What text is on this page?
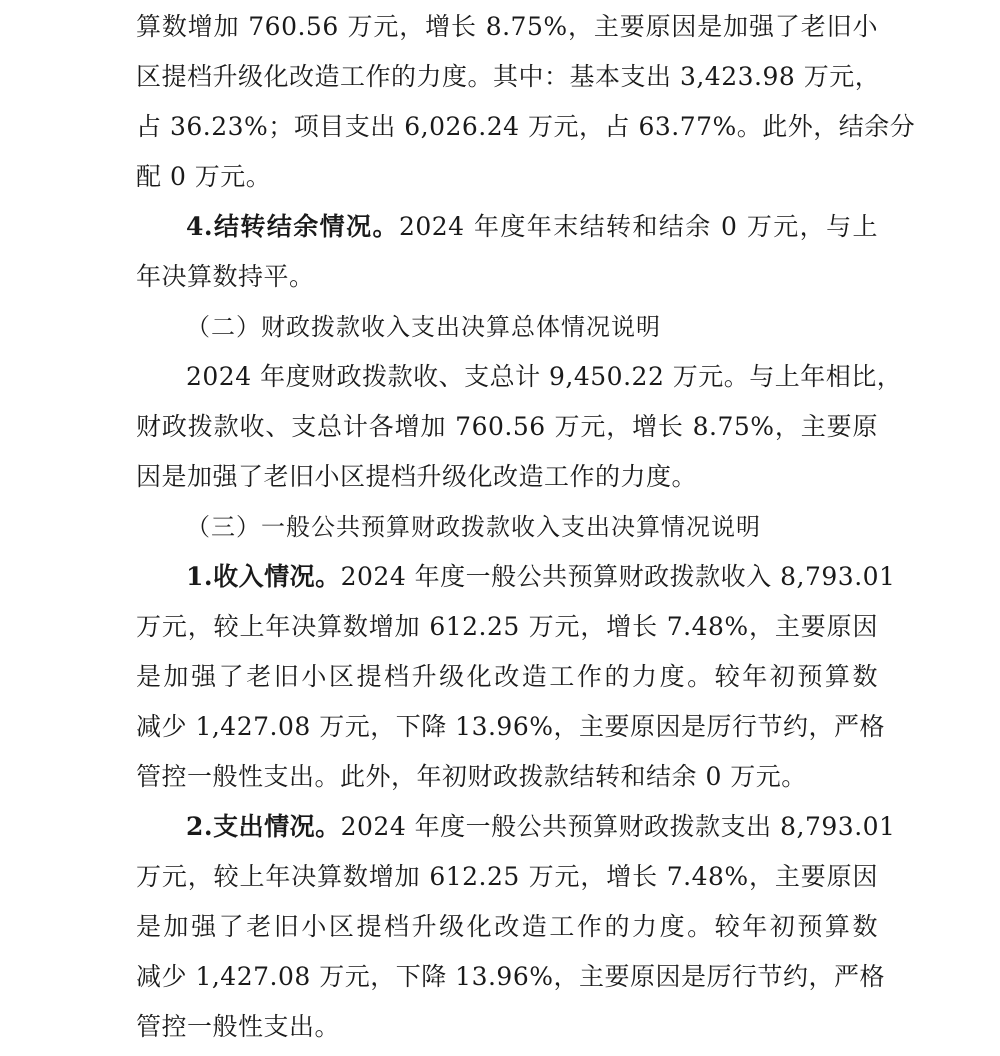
算数增加 760.56 万元，增长 8.75%，主要原因是加强了老旧小
区提档升级化改造工作的力度。其中：基本支出 3,423.98 万元，
占 36.23%；项目支出 6,026.24 万元，占 63.77%。此外，结余分
配 0 万元。
4.结转结余情况。2024 年度年末结转和结余 0 万元，与上
年决算数持平。
（二）财政拨款收入支出决算总体情况说明
2024 年度财政拨款收、支总计 9,450.22 万元。与上年相比，
财政拨款收、支总计各增加 760.56 万元，增长 8.75%，主要原
因是加强了老旧小区提档升级化改造工作的力度。
（三）一般公共预算财政拨款收入支出决算情况说明
1.收入情况。2024 年度一般公共预算财政拨款收入 8,793.01
万元，较上年决算数增加 612.25 万元，增长 7.48%，主要原因
是加强了老旧小区提档升级化改造工作的力度。较年初预算数
减少 1,427.08 万元，下降 13.96%，主要原因是厉行节约，严格
管控一般性支出。此外，年初财政拨款结转和结余 0 万元。
2.支出情况。2024 年度一般公共预算财政拨款支出 8,793.01
万元，较上年决算数增加 612.25 万元，增长 7.48%，主要原因
是加强了老旧小区提档升级化改造工作的力度。较年初预算数
减少 1,427.08 万元，下降 13.96%，主要原因是厉行节约，严格
管控一般性支出。
